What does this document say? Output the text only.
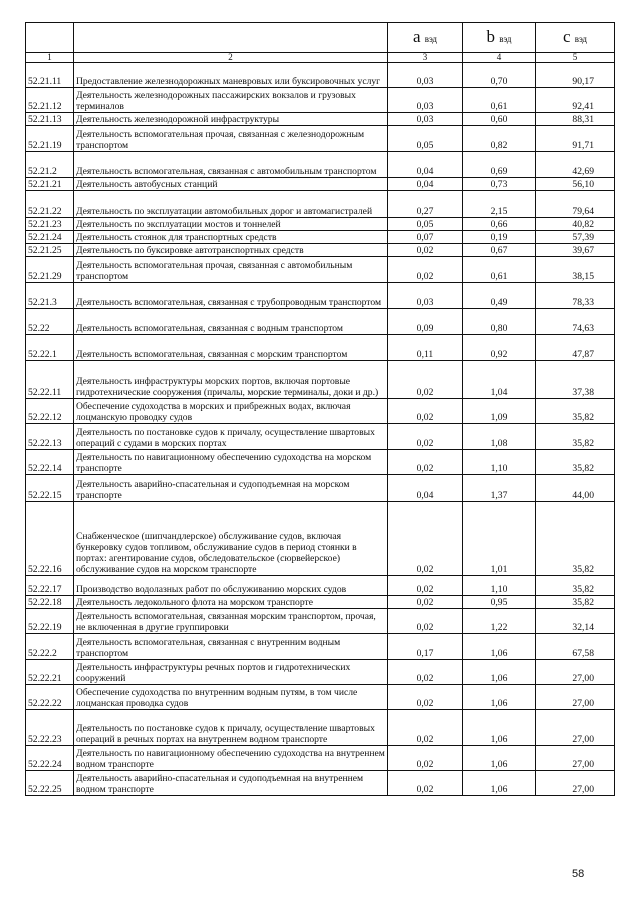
		a вэд	b вэд	c вэд
1	2	3	4	5
52.21.11	Предоставление железнодорожных маневровых или буксировочных услуг	0,03	0,70	90,17
52.21.12	Деятельность железнодорожных пассажирских вокзалов и грузовых терминалов	0,03	0,61	92,41
52.21.13	Деятельность железнодорожной инфраструктуры	0,03	0,60	88,31
52.21.19	Деятельность вспомогательная прочая, связанная с железнодорожным транспортом	0,05	0,82	91,71
52.21.2	Деятельность вспомогательная, связанная с автомобильным транспортом	0,04	0,69	42,69
52.21.21	Деятельность автобусных станций	0,04	0,73	56,10
52.21.22	Деятельность по эксплуатации автомобильных дорог и автомагистралей	0,27	2,15	79,64
52.21.23	Деятельность по эксплуатации мостов и тоннелей	0,05	0,66	40,82
52.21.24	Деятельность стоянок для транспортных средств	0,07	0,19	57,39
52.21.25	Деятельность по буксировке автотранспортных средств	0,02	0,67	39,67
52.21.29	Деятельность вспомогательная прочая, связанная с автомобильным транспортом	0,02	0,61	38,15
52.21.3	Деятельность вспомогательная, связанная с трубопроводным транспортом	0,03	0,49	78,33
52.22	Деятельность вспомогательная, связанная с водным транспортом	0,09	0,80	74,63
52.22.1	Деятельность вспомогательная, связанная с морским транспортом	0,11	0,92	47,87
52.22.11	Деятельность инфраструктуры морских портов, включая портовые гидротехнические сооружения (причалы, морские терминалы, доки и др.)	0,02	1,04	37,38
52.22.12	Обеспечение судоходства в морских и прибрежных водах, включая лоцманскую проводку судов	0,02	1,09	35,82
52.22.13	Деятельность по постановке судов к причалу, осуществление швартовых операций с судами в морских портах	0,02	1,08	35,82
52.22.14	Деятельность по навигационному обеспечению судоходства на морском транспорте	0,02	1,10	35,82
52.22.15	Деятельность аварийно-спасательная и судоподъемная на морском транспорте	0,04	1,37	44,00
52.22.16	Снабженческое (шипчандлерское) обслуживание судов, включая бункеровку судов топливом, обслуживание судов в период стоянки в портах: агентирование судов, обследовательское (сюрвейерское) обслуживание судов на морском транспорте	0,02	1,01	35,82
52.22.17	Производство водолазных работ по обслуживанию морских судов	0,02	1,10	35,82
52.22.18	Деятельность ледокольного флота на морском транспорте	0,02	0,95	35,82
52.22.19	Деятельность вспомогательная, связанная морским транспортом, прочая, не включенная в другие группировки	0,02	1,22	32,14
52.22.2	Деятельность вспомогательная, связанная с внутренним водным транспортом	0,17	1,06	67,58
52.22.21	Деятельность инфраструктуры речных портов и гидротехнических сооружений	0,02	1,06	27,00
52.22.22	Обеспечение судоходства по внутренним водным путям, в том числе лоцманская проводка судов	0,02	1,06	27,00
52.22.23	Деятельность по постановке судов к причалу, осуществление швартовых операций в речных портах на внутреннем водном транспорте	0,02	1,06	27,00
52.22.24	Деятельность по навигационному обеспечению судоходства на внутреннем водном транспорте	0,02	1,06	27,00
52.22.25	Деятельность аварийно-спасательная и судоподъемная на внутреннем водном транспорте	0,02	1,06	27,00
58
